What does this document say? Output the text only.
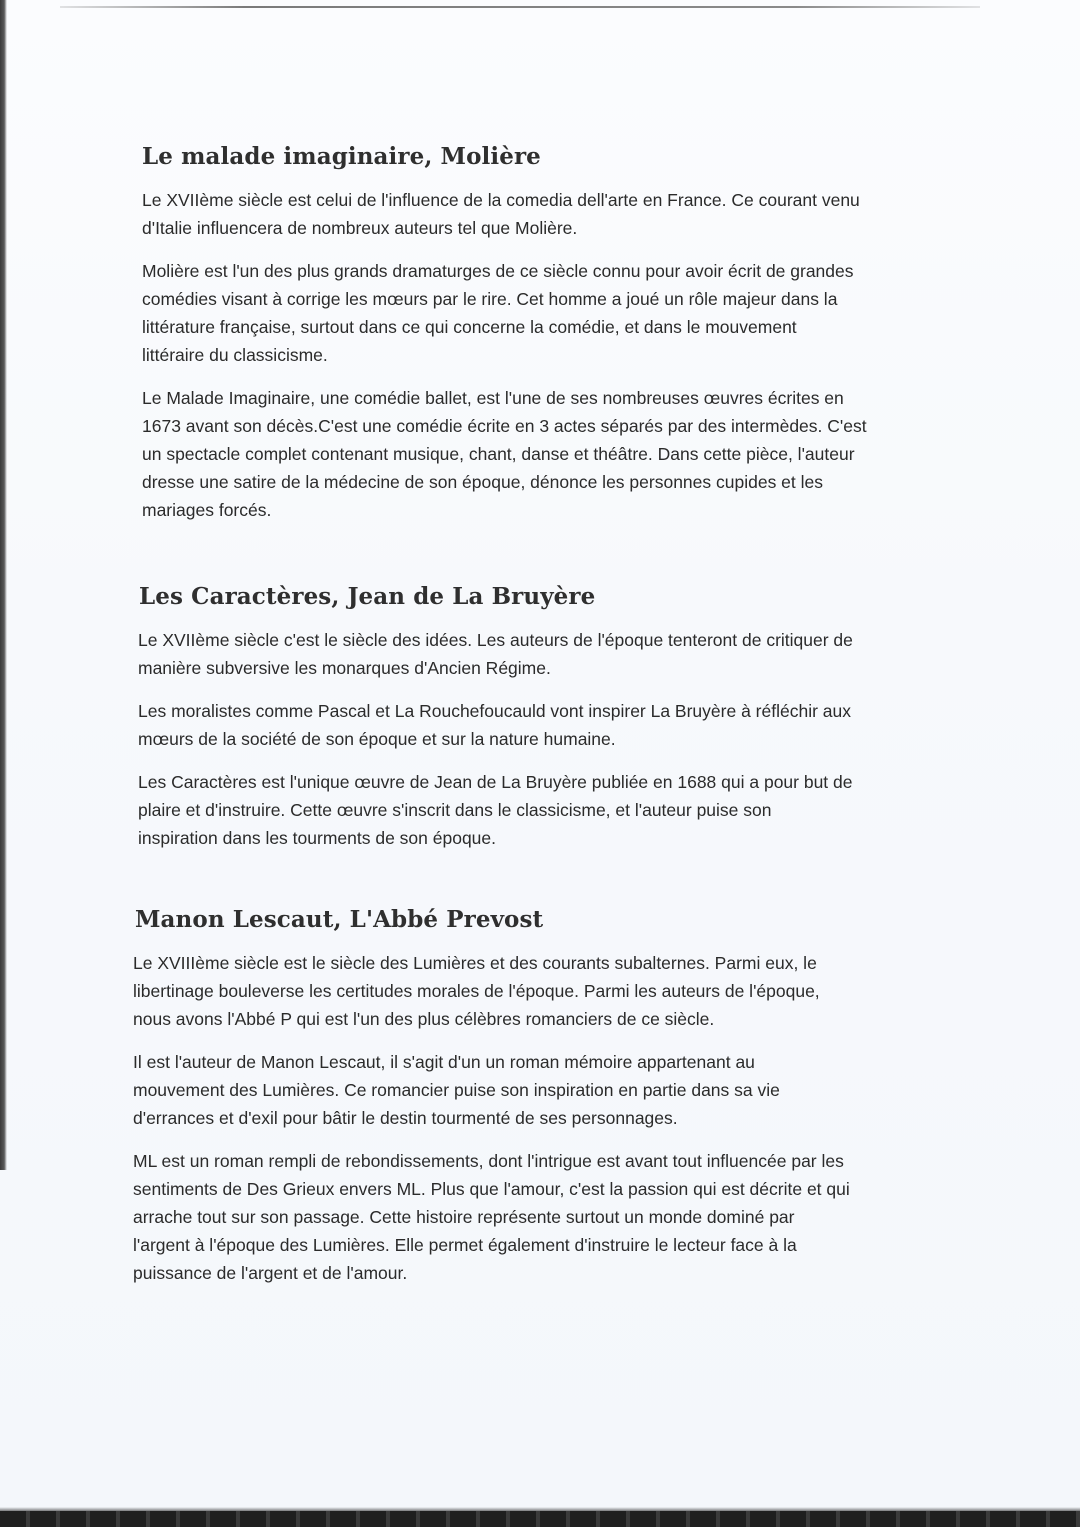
Le malade imaginaire, Molière

Le XVIIème siècle est celui de l'influence de la comedia dell'arte en France. Ce courant venu
d'Italie influencera de nombreux auteurs tel que Molière.

Molière est l'un des plus grands dramaturges de ce siècle connu pour avoir écrit de grandes
comédies visant à corrige les mœurs par le rire. Cet homme a joué un rôle majeur dans la
littérature française, surtout dans ce qui concerne la comédie, et dans le mouvement
littéraire du classicisme.

Le Malade Imaginaire, une comédie ballet, est l'une de ses nombreuses œuvres écrites en
1673 avant son décès.C'est une comédie écrite en 3 actes séparés par des intermèdes. C'est
un spectacle complet contenant musique, chant, danse et théâtre. Dans cette pièce, l'auteur
dresse une satire de la médecine de son époque, dénonce les personnes cupides et les
mariages forcés.

Les Caractères, Jean de La Bruyère

Le XVIIème siècle c'est le siècle des idées. Les auteurs de l'époque tenteront de critiquer de
manière subversive les monarques d'Ancien Régime.

Les moralistes comme Pascal et La Rouchefoucauld vont inspirer La Bruyère à réfléchir aux
mœurs de la société de son époque et sur la nature humaine.

Les Caractères est l'unique œuvre de Jean de La Bruyère publiée en 1688 qui a pour but de
plaire et d'instruire. Cette œuvre s'inscrit dans le classicisme, et l'auteur puise son
inspiration dans les tourments de son époque.

Manon Lescaut, L'Abbé Prevost

Le XVIIIème siècle est le siècle des Lumières et des courants subalternes. Parmi eux, le
libertinage bouleverse les certitudes morales de l'époque. Parmi les auteurs de l'époque,
nous avons l'Abbé P qui est l'un des plus célèbres romanciers de ce siècle.

Il est l'auteur de Manon Lescaut, il s'agit d'un un roman mémoire appartenant au
mouvement des Lumières. Ce romancier puise son inspiration en partie dans sa vie
d'errances et d'exil pour bâtir le destin tourmenté de ses personnages.

ML est un roman rempli de rebondissements, dont l'intrigue est avant tout influencée par les
sentiments de Des Grieux envers ML. Plus que l'amour, c'est la passion qui est décrite et qui
arrache tout sur son passage. Cette histoire représente surtout un monde dominé par
l'argent à l'époque des Lumières. Elle permet également d'instruire le lecteur face à la
puissance de l'argent et de l'amour.
